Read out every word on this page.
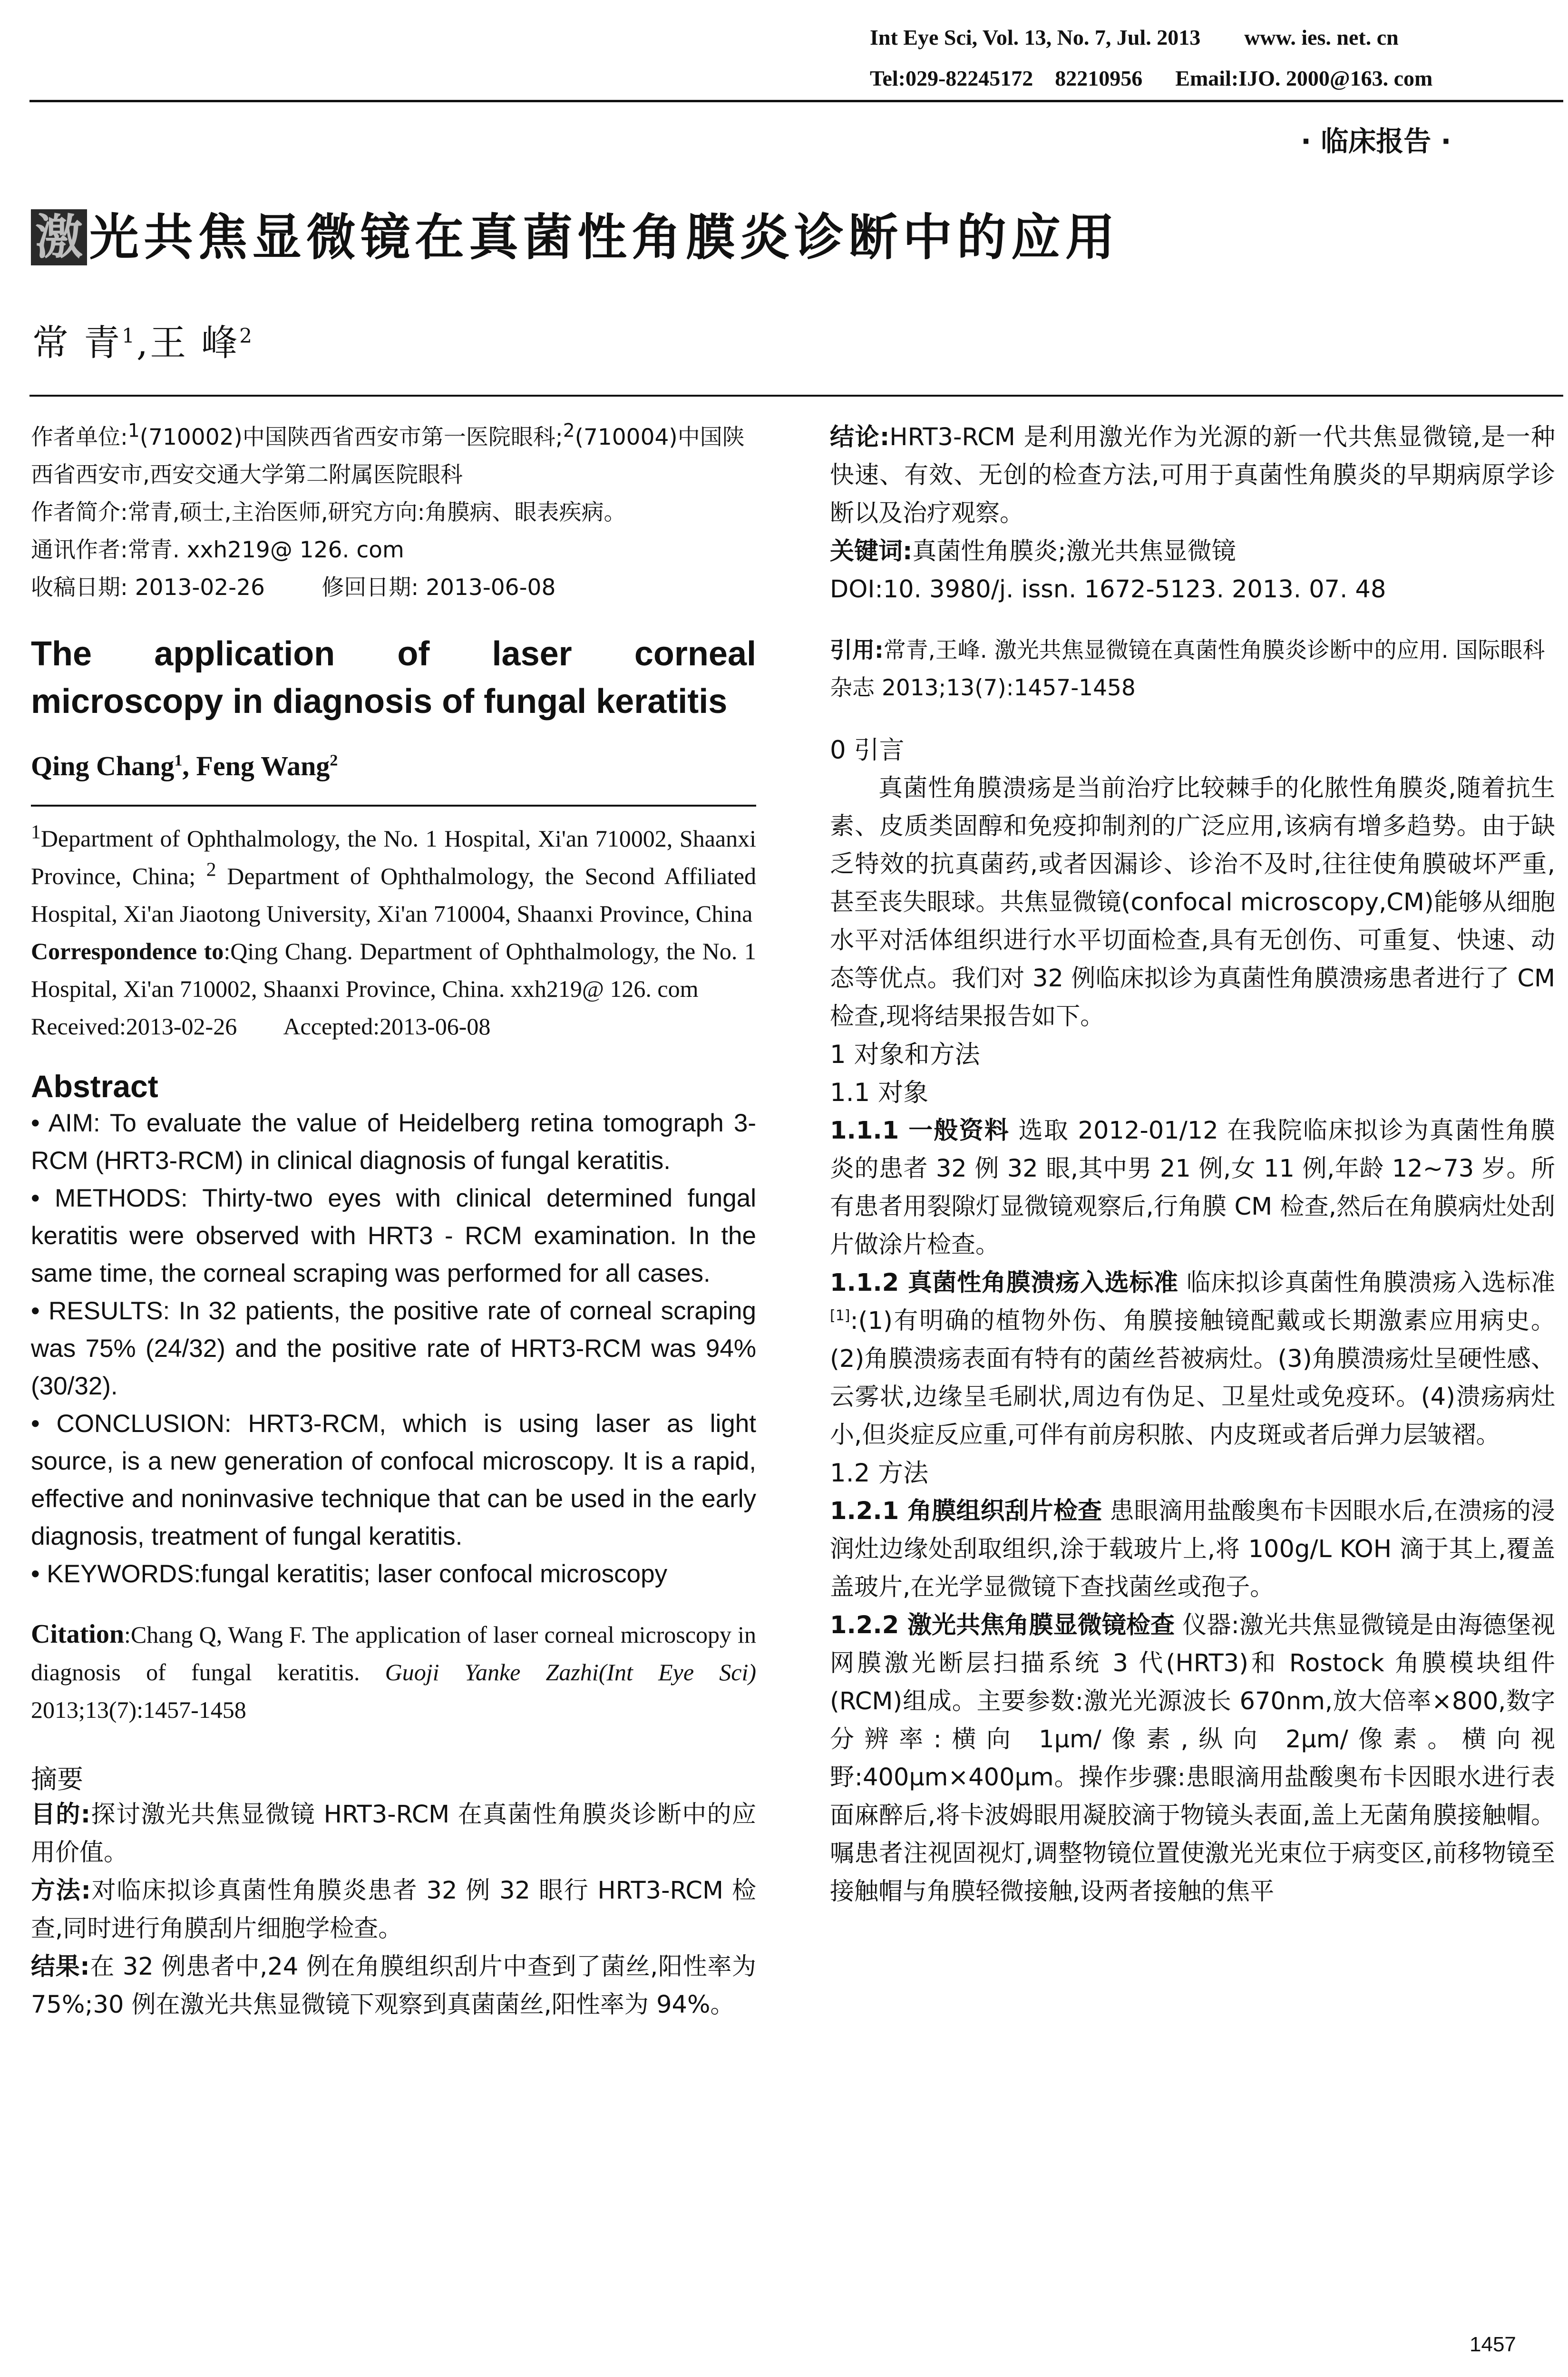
Int Eye Sci, Vol. 13, No. 7, Jul. 2013        www. ies. net. cn
Tel:029-82245172    82210956      Email:IJO. 2000@163. com
· 临床报告 ·
激 光共焦显微镜在真菌性角膜炎诊断中的应用
常 青$^1$,王 峰$^2$

作者单位:$^1$(710002)中国陕西省西安市第一医院眼科;$^2$(710004)中国陕西省西安市,西安交通大学第二附属医院眼科

作者简介:常青,硕士,主治医师,研究方向:角膜病、眼表疾病。

通讯作者:常青. xxh219@ 126. com

收稿日期: 2013-02-26        修回日期: 2013-06-08

The application of laser corneal
microscopy in diagnosis of fungal keratitis
Qing Chang$^1$, Feng Wang$^2$

$^1$Department of Ophthalmology, the No. 1 Hospital, Xi'an 710002, Shaanxi Province, China; $^2$ Department of Ophthalmology, the Second Affiliated Hospital, Xi'an Jiaotong University, Xi'an 710004, Shaanxi Province, China

Correspondence to:Qing Chang. Department of Ophthalmology, the No. 1 Hospital, Xi'an 710002, Shaanxi Province, China. xxh219@ 126. com

Received:2013-02-26        Accepted:2013-06-08

Abstract

• AIM: To evaluate the value of Heidelberg retina tomograph 3-RCM (HRT3-RCM) in clinical diagnosis of fungal keratitis.

• METHODS: Thirty-two eyes with clinical determined fungal keratitis were observed with HRT3 - RCM examination. In the same time, the corneal scraping was performed for all cases.

• RESULTS: In 32 patients, the positive rate of corneal scraping was 75% (24/32) and the positive rate of HRT3-RCM was 94% (30/32).

• CONCLUSION: HRT3-RCM, which is using laser as light source, is a new generation of confocal microscopy. It is a rapid, effective and noninvasive technique that can be used in the early diagnosis, treatment of fungal keratitis.

• KEYWORDS:fungal keratitis; laser confocal microscopy

Citation:Chang Q, Wang F. The application of laser corneal microscopy in diagnosis of fungal keratitis. Guoji Yanke Zazhi(Int Eye Sci) 2013;13(7):1457-1458
摘要

目的:探讨激光共焦显微镜 HRT3-RCM 在真菌性角膜炎诊断中的应用价值。

方法:对临床拟诊真菌性角膜炎患者 32 例 32 眼行 HRT3-RCM 检查,同时进行角膜刮片细胞学检查。

结果:在 32 例患者中,24 例在角膜组织刮片中查到了菌丝,阳性率为 75%;30 例在激光共焦显微镜下观察到真菌菌丝,阳性率为 94%。

结论:HRT3-RCM 是利用激光作为光源的新一代共焦显微镜,是一种快速、有效、无创的检查方法,可用于真菌性角膜炎的早期病原学诊断以及治疗观察。

关键词:真菌性角膜炎;激光共焦显微镜

DOI:10. 3980/j. issn. 1672-5123. 2013. 07. 48

引用:常青,王峰. 激光共焦显微镜在真菌性角膜炎诊断中的应用. 国际眼科杂志 2013;13(7):1457-1458
0 引言
真菌性角膜溃疡是当前治疗比较棘手的化脓性角膜炎,随着抗生素、皮质类固醇和免疫抑制剂的广泛应用,该病有增多趋势。由于缺乏特效的抗真菌药,或者因漏诊、诊治不及时,往往使角膜破坏严重,甚至丧失眼球。共焦显微镜(confocal microscopy,CM)能够从细胞水平对活体组织进行水平切面检查,具有无创伤、可重复、快速、动态等优点。我们对 32 例临床拟诊为真菌性角膜溃疡患者进行了 CM 检查,现将结果报告如下。
1 对象和方法
1.1 对象
1.1.1 一般资料 选取 2012-01/12 在我院临床拟诊为真菌性角膜炎的患者 32 例 32 眼,其中男 21 例,女 11 例,年龄 12~73 岁。所有患者用裂隙灯显微镜观察后,行角膜 CM 检查,然后在角膜病灶处刮片做涂片检查。
1.1.2 真菌性角膜溃疡入选标准 临床拟诊真菌性角膜溃疡入选标准[1]:(1)有明确的植物外伤、角膜接触镜配戴或长期激素应用病史。(2)角膜溃疡表面有特有的菌丝苔被病灶。(3)角膜溃疡灶呈硬性感、云雾状,边缘呈毛刷状,周边有伪足、卫星灶或免疫环。(4)溃疡病灶小,但炎症反应重,可伴有前房积脓、内皮斑或者后弹力层皱褶。
1.2 方法
1.2.1 角膜组织刮片检查 患眼滴用盐酸奥布卡因眼水后,在溃疡的浸润灶边缘处刮取组织,涂于载玻片上,将 100g/L KOH 滴于其上,覆盖盖玻片,在光学显微镜下查找菌丝或孢子。
1.2.2 激光共焦角膜显微镜检查 仪器:激光共焦显微镜是由海德堡视网膜激光断层扫描系统 3 代(HRT3)和 Rostock 角膜模块组件(RCM)组成。主要参数:激光光源波长 670nm,放大倍率×800,数字分辨率:横向 1μm/像素,纵向 2μm/像素。横向视野:400μm×400μm。操作步骤:患眼滴用盐酸奥布卡因眼水进行表面麻醉后,将卡波姆眼用凝胶滴于物镜头表面,盖上无菌角膜接触帽。嘱患者注视固视灯,调整物镜位置使激光光束位于病变区,前移物镜至接触帽与角膜轻微接触,设两者接触的焦平
1457
